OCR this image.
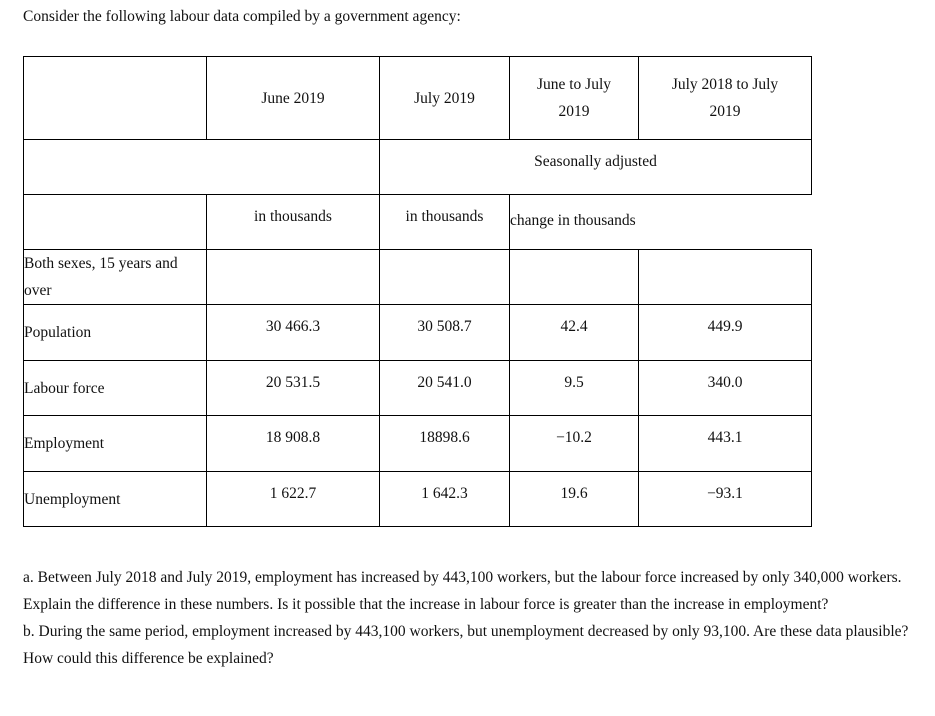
Consider the following labour data compiled by a government agency:
	June 2019	July 2019	June to July 2019	July 2018 to July 2019
		Seasonally adjusted		
	in thousands	in thousands	change in thousands	
Both sexes, 15 years and over				
Population	30 466.3	30 508.7	42.4	449.9
Labour force	20 531.5	20 541.0	9.5	340.0
Employment	18 908.8	18898.6	−10.2	443.1
Unemployment	1 622.7	1 642.3	19.6	−93.1

a. Between July 2018 and July 2019, employment has increased by 443,100 workers, but the labour force increased by only 340,000 workers. Explain the difference in these numbers. Is it possible that the increase in labour force is greater than the increase in employment?

b. During the same period, employment increased by 443,100 workers, but unemployment decreased by only 93,100. Are these data plausible? How could this difference be explained?
